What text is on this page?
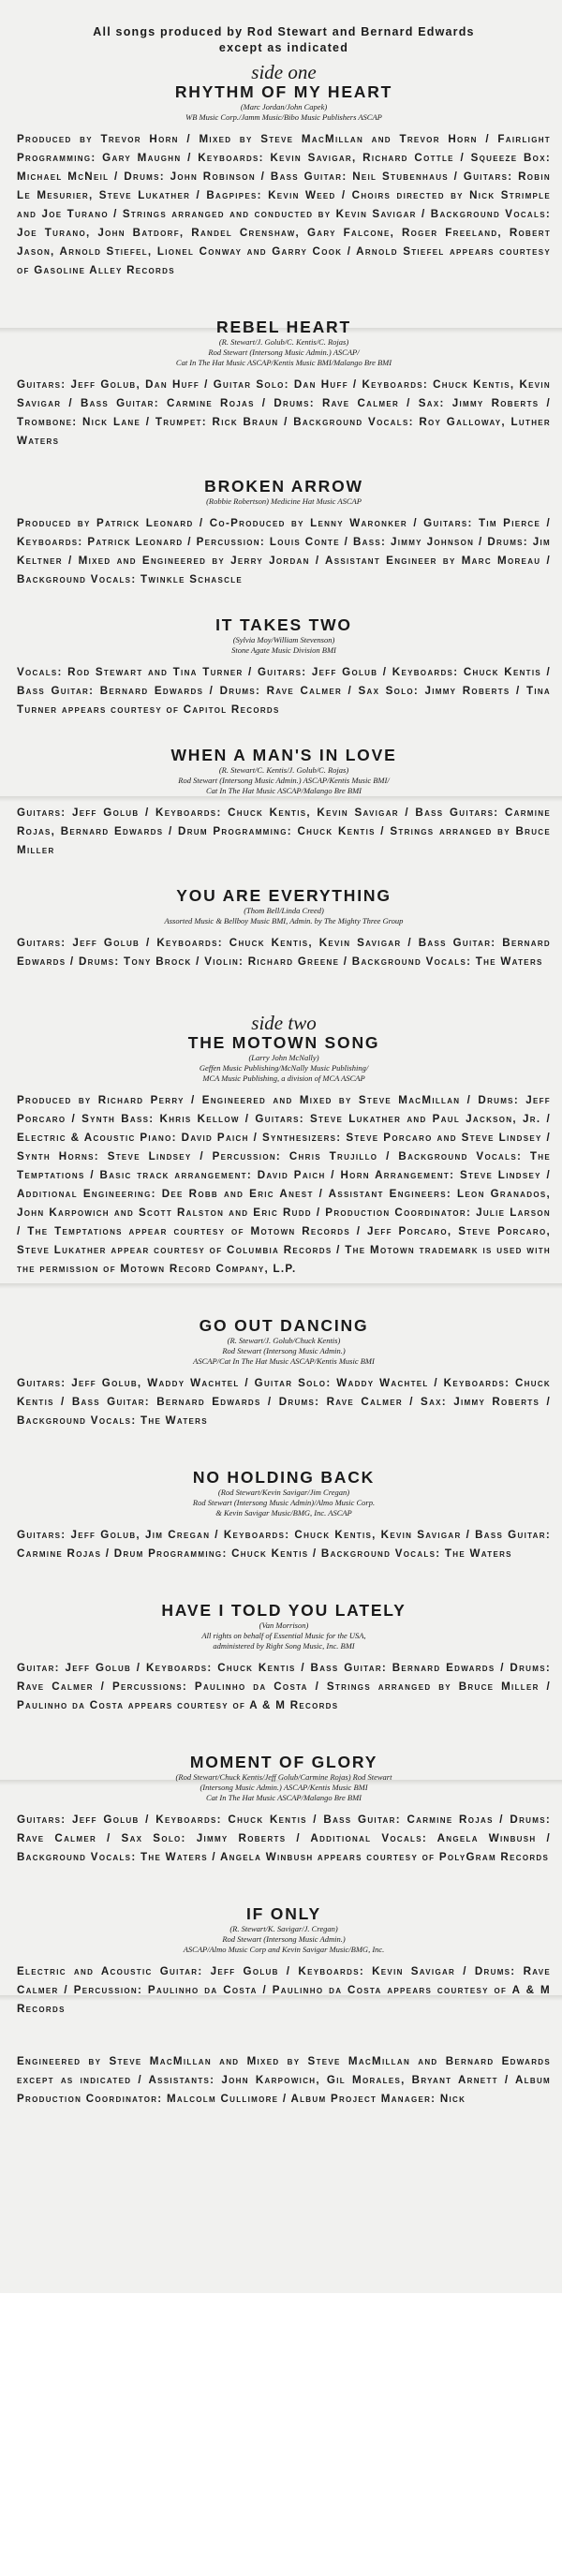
All songs produced by Rod Stewart and Bernard Edwards
except as indicated
side one
RHYTHM OF MY HEART
(Marc Jordan/John Capek)
WB Music Corp./Jamm Music/Bibo Music Publishers ASCAP
Produced by Trevor Horn / Mixed by Steve MacMillan and Trevor Horn / Fairlight Programming: Gary Maughn / Keyboards: Kevin Savigar, Richard Cottle / Squeeze Box: Michael McNeil / Drums: John Robinson / Bass Guitar: Neil Stubenhaus / Guitars: Robin Le Mesurier, Steve Lukather / Bagpipes: Kevin Weed / Choirs directed by Nick Strimple and Joe Turano / Strings arranged and conducted by Kevin Savigar / Background Vocals: Joe Turano, John Batdorf, Randel Crenshaw, Gary Falcone, Roger Freeland, Robert Jason, Arnold Stiefel, Lionel Conway and Garry Cook / Arnold Stiefel appears courtesy of Gasoline Alley Records
REBEL HEART
(R. Stewart/J. Golub/C. Kentis/C. Rojas)
Rod Stewart (Intersong Music Admin.) ASCAP/
Cat In The Hat Music ASCAP/Kentis Music BMI/Malango Bre BMI
Guitars: Jeff Golub, Dan Huff / Guitar Solo: Dan Huff / Keyboards: Chuck Kentis, Kevin Savigar / Bass Guitar: Carmine Rojas / Drums: Rave Calmer / Sax: Jimmy Roberts / Trombone: Nick Lane / Trumpet: Rick Braun / Background Vocals: Roy Galloway, Luther Waters
BROKEN ARROW
(Robbie Robertson) Medicine Hat Music ASCAP
Produced by Patrick Leonard / Co-Produced by Lenny Waronker / Guitars: Tim Pierce / Keyboards: Patrick Leonard / Percussion: Louis Conte / Bass: Jimmy Johnson / Drums: Jim Keltner / Mixed and Engineered by Jerry Jordan / Assistant Engineer by Marc Moreau / Background Vocals: Twinkle Schascle
IT TAKES TWO
(Sylvia Moy/William Stevenson)
Stone Agate Music Division BMI
Vocals: Rod Stewart and Tina Turner / Guitars: Jeff Golub / Keyboards: Chuck Kentis / Bass Guitar: Bernard Edwards / Drums: Rave Calmer / Sax Solo: Jimmy Roberts / Tina Turner appears courtesy of Capitol Records
WHEN A MAN'S IN LOVE
(R. Stewart/C. Kentis/J. Golub/C. Rojas)
Rod Stewart (Intersong Music Admin.) ASCAP/Kentis Music BMI/
Cat In The Hat Music ASCAP/Malango Bre BMI
Guitars: Jeff Golub / Keyboards: Chuck Kentis, Kevin Savigar / Bass Guitars: Carmine Rojas, Bernard Edwards / Drum Programming: Chuck Kentis / Strings arranged by Bruce Miller
YOU ARE EVERYTHING
(Thom Bell/Linda Creed)
Assorted Music & Bellboy Music BMI, Admin. by The Mighty Three Group
Guitars: Jeff Golub / Keyboards: Chuck Kentis, Kevin Savigar / Bass Guitar: Bernard Edwards / Drums: Tony Brock / Violin: Richard Greene / Background Vocals: The Waters
side two
THE MOTOWN SONG
(Larry John McNally)
Geffen Music Publishing/McNally Music Publishing/
MCA Music Publishing, a division of MCA ASCAP
Produced by Richard Perry / Engineered and Mixed by Steve MacMillan / Drums: Jeff Porcaro / Synth Bass: Khris Kellow / Guitars: Steve Lukather and Paul Jackson, Jr. / Electric & Acoustic Piano: David Paich / Synthesizers: Steve Porcaro and Steve Lindsey / Synth Horns: Steve Lindsey / Percussion: Chris Trujillo / Background Vocals: The Temptations / Basic track arrangement: David Paich / Horn Arrangement: Steve Lindsey / Additional Engineering: Dee Robb and Eric Anest / Assistant Engineers: Leon Granados, John Karpowich and Scott Ralston and Eric Rudd / Production Coordinator: Julie Larson / The Temptations appear courtesy of Motown Records / Jeff Porcaro, Steve Porcaro, Steve Lukather appear courtesy of Columbia Records / The Motown trademark is used with the permission of Motown Record Company, L.P.
GO OUT DANCING
(R. Stewart/J. Golub/Chuck Kentis)
Rod Stewart (Intersong Music Admin.)
ASCAP/Cat In The Hat Music ASCAP/Kentis Music BMI
Guitars: Jeff Golub, Waddy Wachtel / Guitar Solo: Waddy Wachtel / Keyboards: Chuck Kentis / Bass Guitar: Bernard Edwards / Drums: Rave Calmer / Sax: Jimmy Roberts / Background Vocals: The Waters
NO HOLDING BACK
(Rod Stewart/Kevin Savigar/Jim Cregan)
Rod Stewart (Intersong Music Admin)/Almo Music Corp.
& Kevin Savigar Music/BMG, Inc. ASCAP
Guitars: Jeff Golub, Jim Cregan / Keyboards: Chuck Kentis, Kevin Savigar / Bass Guitar: Carmine Rojas / Drum Programming: Chuck Kentis / Background Vocals: The Waters
HAVE I TOLD YOU LATELY
(Van Morrison)
All rights on behalf of Essential Music for the USA,
administered by Right Song Music, Inc. BMI
Guitar: Jeff Golub / Keyboards: Chuck Kentis / Bass Guitar: Bernard Edwards / Drums: Rave Calmer / Percussions: Paulinho da Costa / Strings arranged by Bruce Miller / Paulinho da Costa appears courtesy of A & M Records
MOMENT OF GLORY
(Rod Stewart/Chuck Kentis/Jeff Golub/Carmine Rojas) Rod Stewart
(Intersong Music Admin.) ASCAP/Kentis Music BMI
Cat In The Hat Music ASCAP/Malango Bre BMI
Guitars: Jeff Golub / Keyboards: Chuck Kentis / Bass Guitar: Carmine Rojas / Drums: Rave Calmer / Sax Solo: Jimmy Roberts / Additional Vocals: Angela Winbush / Background Vocals: The Waters / Angela Winbush appears courtesy of PolyGram Records
IF ONLY
(R. Stewart/K. Savigar/J. Cregan)
Rod Stewart (Intersong Music Admin.)
ASCAP/Almo Music Corp and Kevin Savigar Music/BMG, Inc.
Electric and Acoustic Guitar: Jeff Golub / Keyboards: Kevin Savigar / Drums: Rave Calmer / Percussion: Paulinho da Costa / Paulinho da Costa appears courtesy of A & M Records
Engineered by Steve MacMillan and Mixed by Steve MacMillan and Bernard Edwards except as indicated / Assistants: John Karpowich, Gil Morales, Bryant Arnett / Album Production Coordinator: Malcolm Cullimore / Album Project Manager: Nick
